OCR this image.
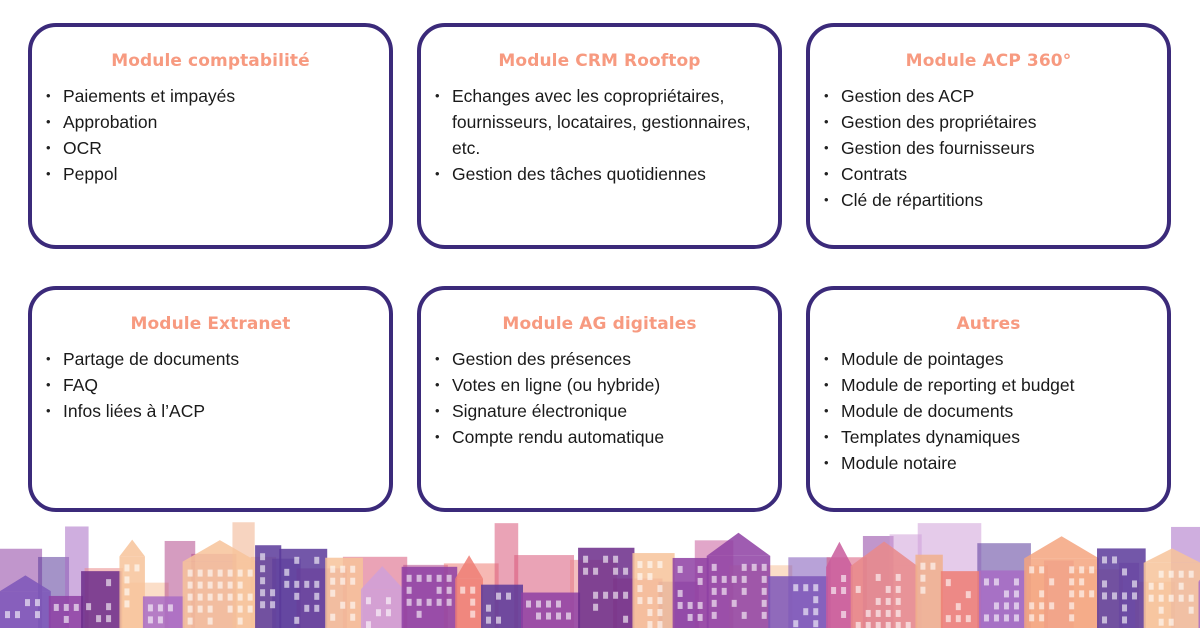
Module comptabilité
• Paiements et impayés
• Approbation
• OCR
• Peppol
Module CRM Rooftop
• Echanges avec les copropriétaires, fournisseurs, locataires, gestionnaires, etc.
• Gestion des tâches quotidiennes
Module ACP 360°
• Gestion des ACP
• Gestion des propriétaires
• Gestion des fournisseurs
• Contrats
• Clé de répartitions
Module Extranet
• Partage de documents
• FAQ
• Infos liées à l’ACP
Module AG digitales
• Gestion des présences
• Votes en ligne (ou hybride)
• Signature électronique
• Compte rendu automatique
Autres
• Module de pointages
• Module de reporting et budget
• Module de documents
• Templates dynamiques
• Module notaire
